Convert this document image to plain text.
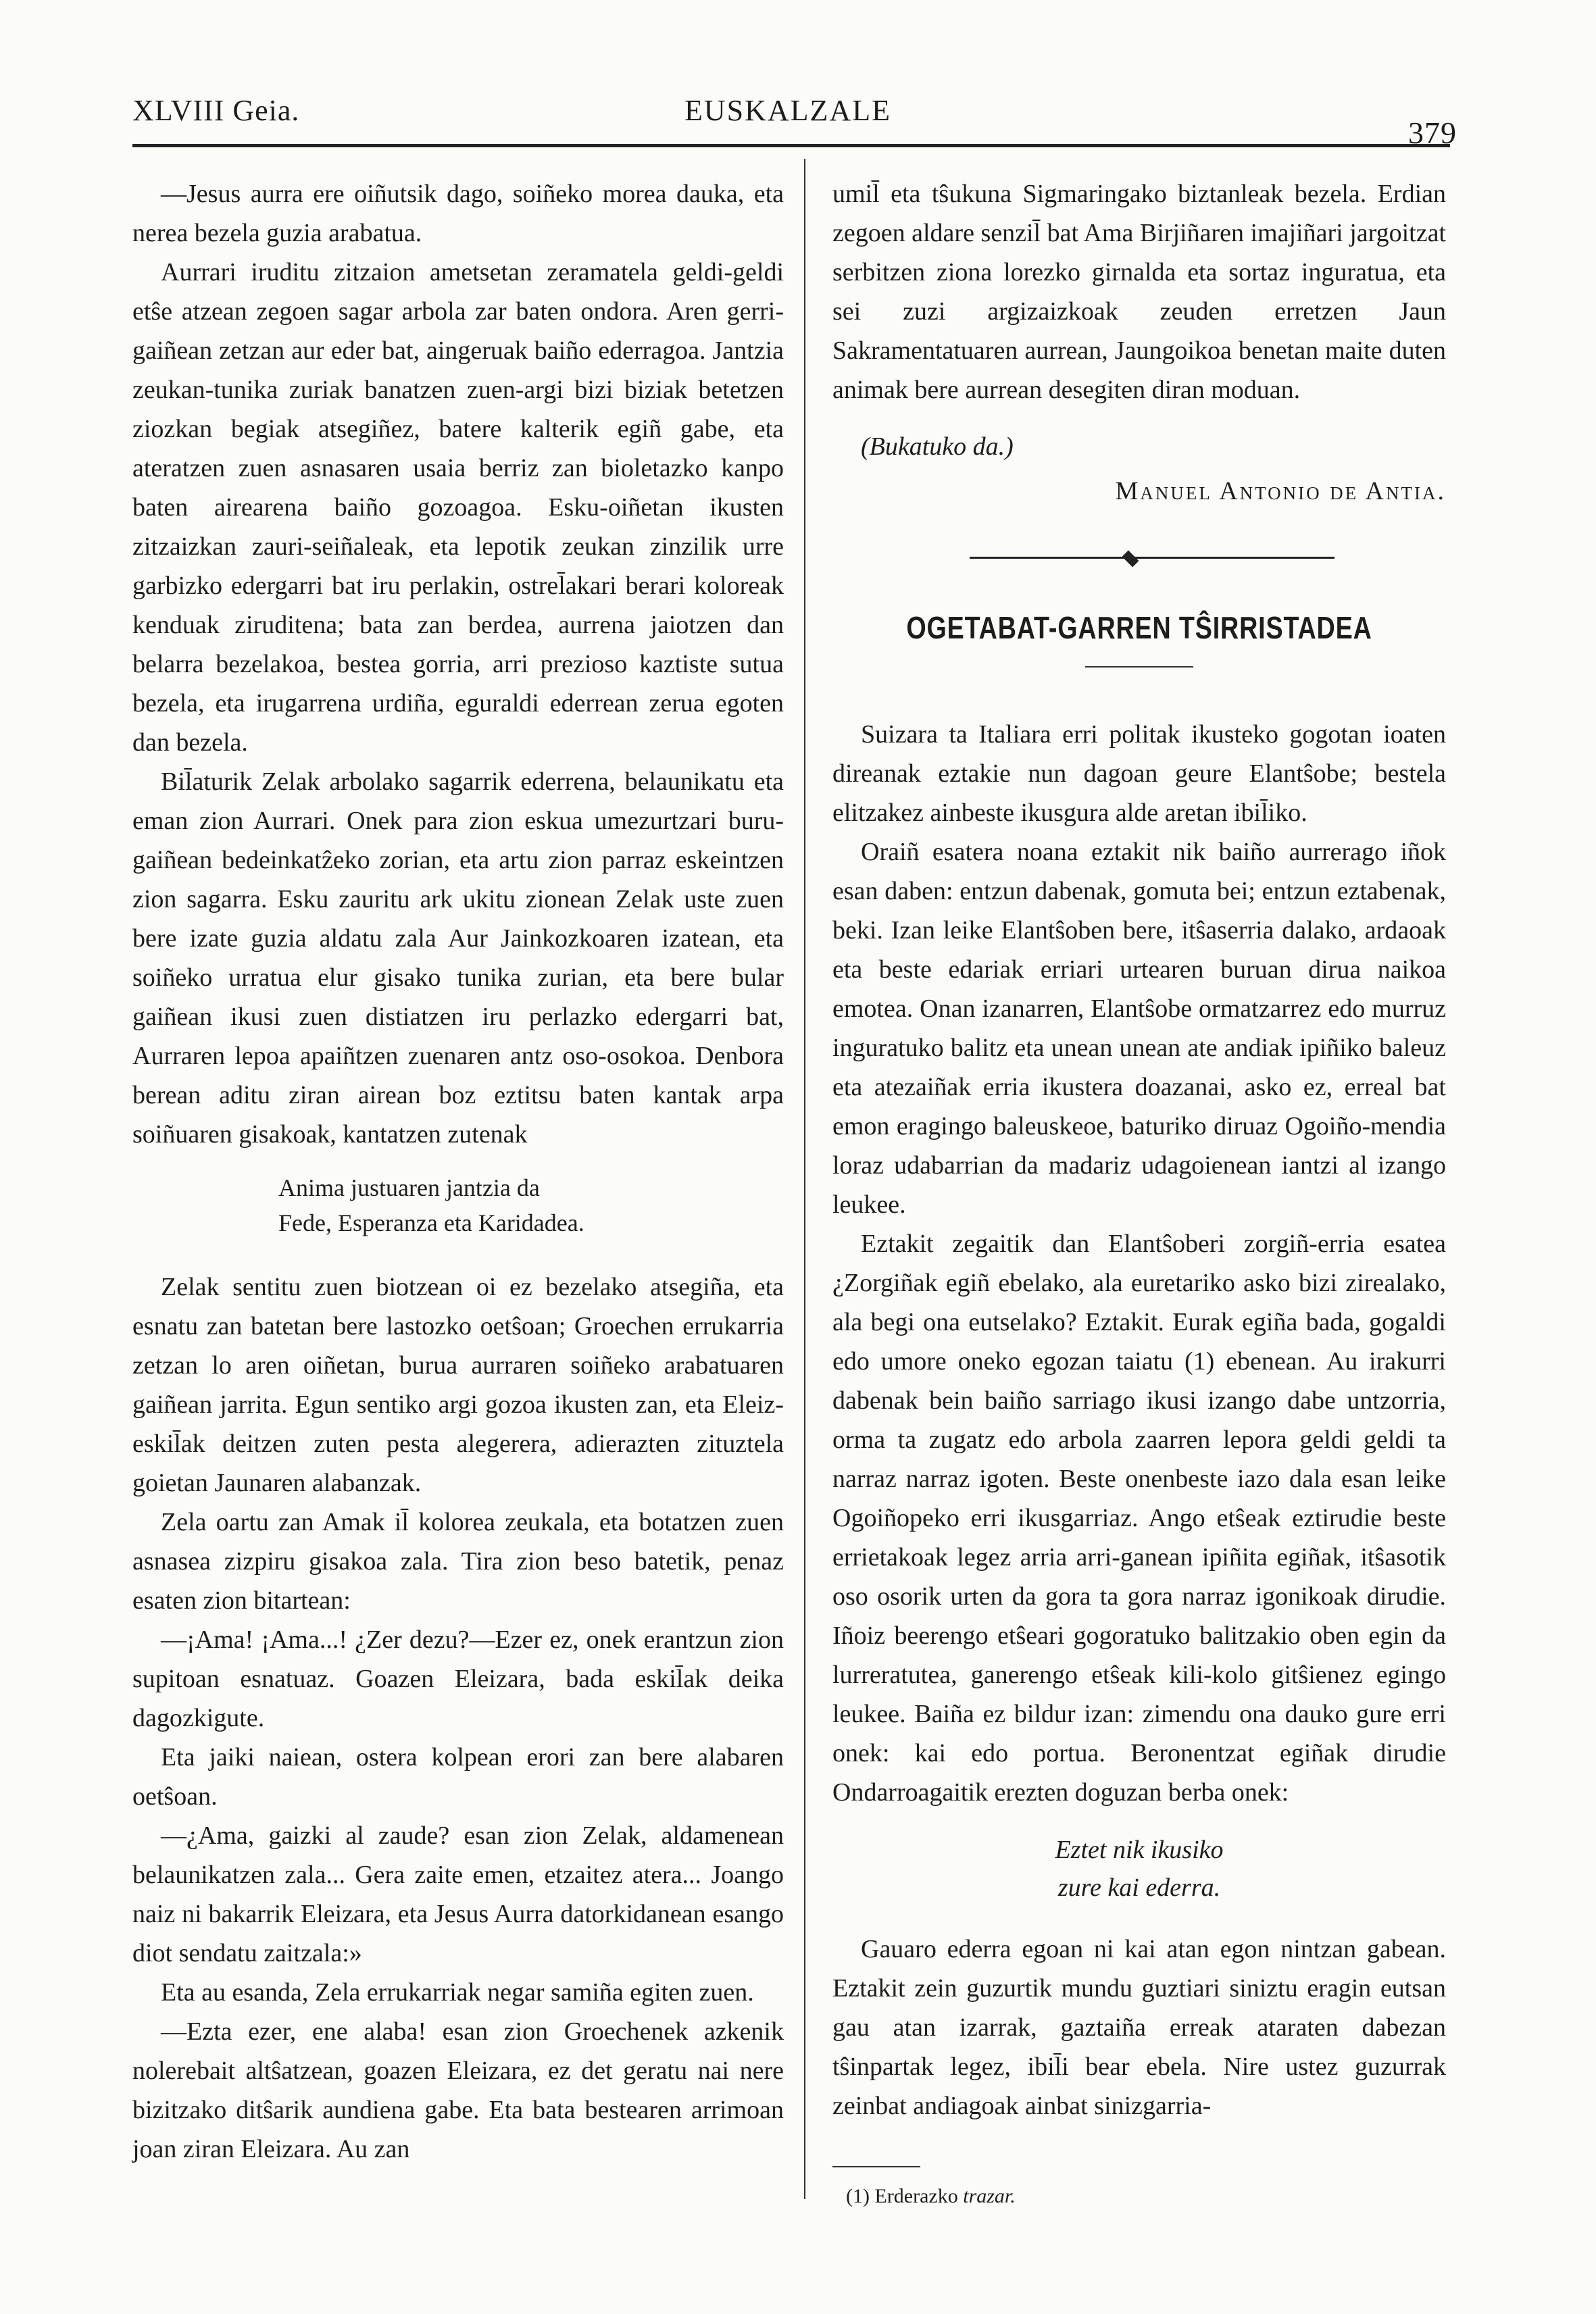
XLVIII Geia.	EUSKALZALE
379

—Jesus aurra ere oiñutsik dago, soiñeko morea dauka, eta nerea bezela guzia arabatua.

Aurrari iruditu zitzaion ametsetan zeramatela geldi-geldi etŝe atzean zegoen sagar arbola zar baten ondora. Aren gerri-gaiñean zetzan aur eder bat, aingeruak baiño ederragoa. Jantzia zeukan-tunika zuriak banatzen zuen-argi bizi biziak betetzen ziozkan begiak atsegiñez, batere kalterik egiñ gabe, eta ateratzen zuen asnasaren usaia berriz zan bioletazko kanpo baten airearena baiño gozoagoa. Esku-oiñetan ikusten zitzaizkan zauri-seiñaleak, eta lepotik zeukan zinzilik urre garbizko edergarri bat iru perlakin, ostrel̄akari berari koloreak kenduak ziruditena; bata zan berdea, aurrena jaiotzen dan belarra bezelakoa, bestea gorria, arri prezioso kaztiste sutua bezela, eta irugarrena urdiña, eguraldi ederrean zerua egoten dan bezela.

Bil̄aturik Zelak arbolako sagarrik ederrena, belaunikatu eta eman zion Aurrari. Onek para zion eskua umezurtzari buru-gaiñean bedeinkatẑeko zorian, eta artu zion parraz eskeintzen zion sagarra. Esku zauritu ark ukitu zionean Zelak uste zuen bere izate guzia aldatu zala Aur Jainkozkoaren izatean, eta soiñeko urratua elur gisako tunika zurian, eta bere bular gaiñean ikusi zuen distiatzen iru perlazko edergarri bat, Aurraren lepoa apaiñtzen zuenaren antz oso-osokoa. Denbora berean aditu ziran airean boz eztitsu baten kantak arpa soiñuaren gisakoak, kantatzen zutenak

Anima justuaren jantzia da
Fede, Esperanza eta Karidadea.

Zelak sentitu zuen biotzean oi ez bezelako atsegiña, eta esnatu zan batetan bere lastozko oetŝoan; Groechen errukarria zetzan lo aren oiñetan, burua aurraren soiñeko arabatuaren gaiñean jarrita. Egun sentiko argi gozoa ikusten zan, eta Eleiz-eskil̄ak deitzen zuten pesta alegerera, adierazten zituztela goietan Jaunaren alabanzak.

Zela oartu zan Amak il̄ kolorea zeukala, eta botatzen zuen asnasea zizpiru gisakoa zala. Tira zion beso batetik, penaz esaten zion bitartean:

—¡Ama! ¡Ama...! ¿Zer dezu?—Ezer ez, onek erantzun zion supitoan esnatuaz. Goazen Eleizara, bada eskil̄ak deika dagozkigute.

Eta jaiki naiean, ostera kolpean erori zan bere alabaren oetŝoan.

—¿Ama, gaizki al zaude? esan zion Zelak, aldamenean belaunikatzen zala... Gera zaite emen, etzaitez atera... Joango naiz ni bakarrik Eleizara, eta Jesus Aurra datorkidanean esango diot sendatu zaitzala:»

Eta au esanda, Zela errukarriak negar samiña egiten zuen.

—Ezta ezer, ene alaba! esan zion Groechenek azkenik nolerebait altŝatzean, goazen Eleizara, ez det geratu nai nere bizitzako ditŝarik aundiena gabe. Eta bata bestearen arrimoan joan ziran Eleizara. Au zan

umil̄ eta tŝukuna Sigmaringako biztanleak bezela. Erdian zegoen aldare senzil̄ bat Ama Birjiñaren imajiñari jargoitzat serbitzen ziona lorezko girnalda eta sortaz inguratua, eta sei zuzi argizaizkoak zeuden erretzen Jaun Sakramentatuaren aurrean, Jaungoikoa benetan maite duten animak bere aurrean desegiten diran moduan.

(Bukatuko da.)

Manuel Antonio de Antia.

OGETABAT-GARREN TŜIRRISTADEA

Suizara ta Italiara erri politak ikusteko gogotan ioaten direanak eztakie nun dagoan geure Elantŝobe; bestela elitzakez ainbeste ikusgura alde aretan ibil̄iko.

Oraiñ esatera noana eztakit nik baiño aurrerago iñok esan daben: entzun dabenak, gomuta bei; entzun eztabenak, beki. Izan leike Elantŝoben bere, itŝaserria dalako, ardaoak eta beste edariak erriari urtearen buruan dirua naikoa emotea. Onan izanarren, Elantŝobe ormatzarrez edo murruz inguratuko balitz eta unean unean ate andiak ipiñiko baleuz eta atezaiñak erria ikustera doazanai, asko ez, erreal bat emon eragingo baleuskeoe, baturiko diruaz Ogoiño-mendia loraz udabarrian da madariz udagoienean iantzi al izango leukee.

Eztakit zegaitik dan Elantŝoberi zorgiñ-erria esatea ¿Zorgiñak egiñ ebelako, ala euretariko asko bizi zirealako, ala begi ona eutselako? Eztakit. Eurak egiña bada, gogaldi edo umore oneko egozan taiatu (1) ebenean. Au irakurri dabenak bein baiño sarriago ikusi izango dabe untzorria, orma ta zugatz edo arbola zaarren lepora geldi geldi ta narraz narraz igoten. Beste onenbeste iazo dala esan leike Ogoiñopeko erri ikusgarriaz. Ango etŝeak eztirudie beste errietakoak legez arria arri-ganean ipiñita egiñak, itŝasotik oso osorik urten da gora ta gora narraz igonikoak dirudie. Iñoiz beerengo etŝeari gogoratuko balitzakio oben egin da lurreratutea, ganerengo etŝeak kili-kolo gitŝienez egingo leukee. Baiña ez bildur izan: zimendu ona dauko gure erri onek: kai edo portua. Beronentzat egiñak dirudie Ondarroagaitik erezten doguzan berba onek:

Eztet nik ikusiko
zure kai ederra.

Gauaro ederra egoan ni kai atan egon nintzan gabean. Eztakit zein guzurtik mundu guztiari siniztu eragin eutsan gau atan izarrak, gaztaiña erreak ataraten dabezan tŝinpartak legez, ibil̄i bear ebela. Nire ustez guzurrak zeinbat andiagoak ainbat sinizgarria-

(1) Erderazko trazar.
